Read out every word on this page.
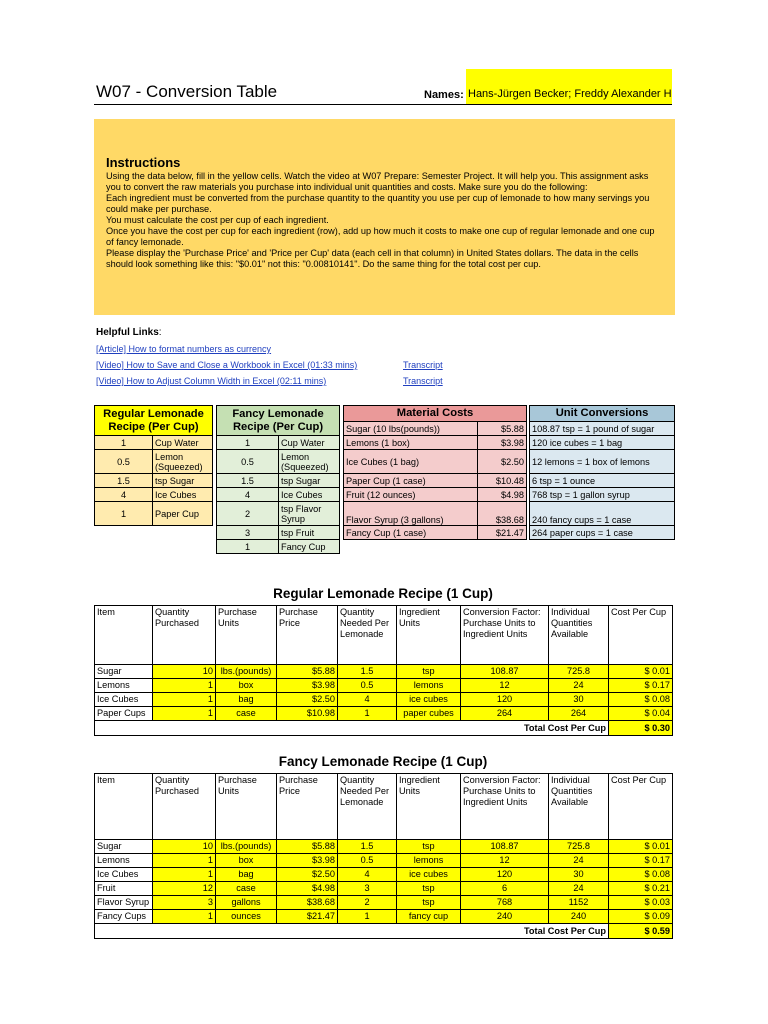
W07 - Conversion Table	Names: Hans-Jürgen Becker; Freddy Alexander H
Instructions

Using the data below, fill in the yellow cells. Watch the video at W07 Prepare: Semester Project. It will help you. This assignment asks you to convert the raw materials you purchase into individual unit quantities and costs. Make sure you do the following:

Each ingredient must be converted from the purchase quantity to the quantity you use per cup of lemonade to how many servings you could make per purchase.

You must calculate the cost per cup of each ingredient.

Once you have the cost per cup for each ingredient (row), add up how much it costs to make one cup of regular lemonade and one cup of fancy lemonade.

Please display the 'Purchase Price' and 'Price per Cup' data (each cell in that column) in United States dollars. The data in the cells should look something like this: "$0.01" not this: "0.00810141". Do the same thing for the total cost per cup.

Helpful Links:
[Article] How to format numbers as currency
[Video] How to Save and Close a Workbook in Excel (01:33 mins)	Transcript
[Video] How to Adjust Column Width in Excel (02:11 mins)	Transcript
Regular Lemonade Recipe (Per Cup)	
1	Cup Water
0.5	Lemon (Squeezed)
1.5	tsp Sugar
4	Ice Cubes
1	Paper Cup
Fancy Lemonade Recipe (Per Cup)	
1	Cup Water
0.5	Lemon (Squeezed)
1.5	tsp Sugar
4	Ice Cubes
2	tsp Flavor Syrup
3	tsp Fruit
1	Fancy Cup
Material Costs	
Sugar (10 lbs(pounds))	$5.88
Lemons (1 box)	$3.98
Ice Cubes (1 bag)	$2.50
Paper Cup (1 case)	$10.48
Fruit (12 ounces)	$4.98
Flavor Syrup (3 gallons)	$38.68
Fancy Cup (1 case)	$21.47
Unit Conversions
108.87 tsp = 1 pound of sugar
120 ice cubes = 1 bag
12 lemons = 1 box of lemons
6 tsp = 1 ounce
768 tsp = 1 gallon syrup
240 fancy cups = 1 case
264 paper cups = 1 case
Regular Lemonade Recipe (1 Cup)
Item	Quantity Purchased	Purchase Units	Purchase Price	Quantity Needed Per Lemonade	Ingredient Units	Conversion Factor: Purchase Units to Ingredient Units	Individual Quantities Available	Cost Per Cup
Sugar	10	lbs.(pounds)	$5.88	1.5	tsp	108.87	725.8	$ 0.01
Lemons	1	box	$3.98	0.5	lemons	12	24	$ 0.17
Ice Cubes	1	bag	$2.50	4	ice cubes	120	30	$ 0.08
Paper Cups	1	case	$10.98	1	paper cubes	264	264	$ 0.04
Total Cost Per Cup								$ 0.30
Fancy Lemonade Recipe (1 Cup)
Item	Quantity Purchased	Purchase Units	Purchase Price	Quantity Needed Per Lemonade	Ingredient Units	Conversion Factor: Purchase Units to Ingredient Units	Individual Quantities Available	Cost Per Cup
Sugar	10	lbs.(pounds)	$5.88	1.5	tsp	108.87	725.8	$ 0.01
Lemons	1	box	$3.98	0.5	lemons	12	24	$ 0.17
Ice Cubes	1	bag	$2.50	4	ice cubes	120	30	$ 0.08
Fruit	12	case	$4.98	3	tsp	6	24	$ 0.21
Flavor Syrup	3	gallons	$38.68	2	tsp	768	1152	$ 0.03
Fancy Cups	1	ounces	$21.47	1	fancy cup	240	240	$ 0.09
Total Cost Per Cup								$ 0.59
